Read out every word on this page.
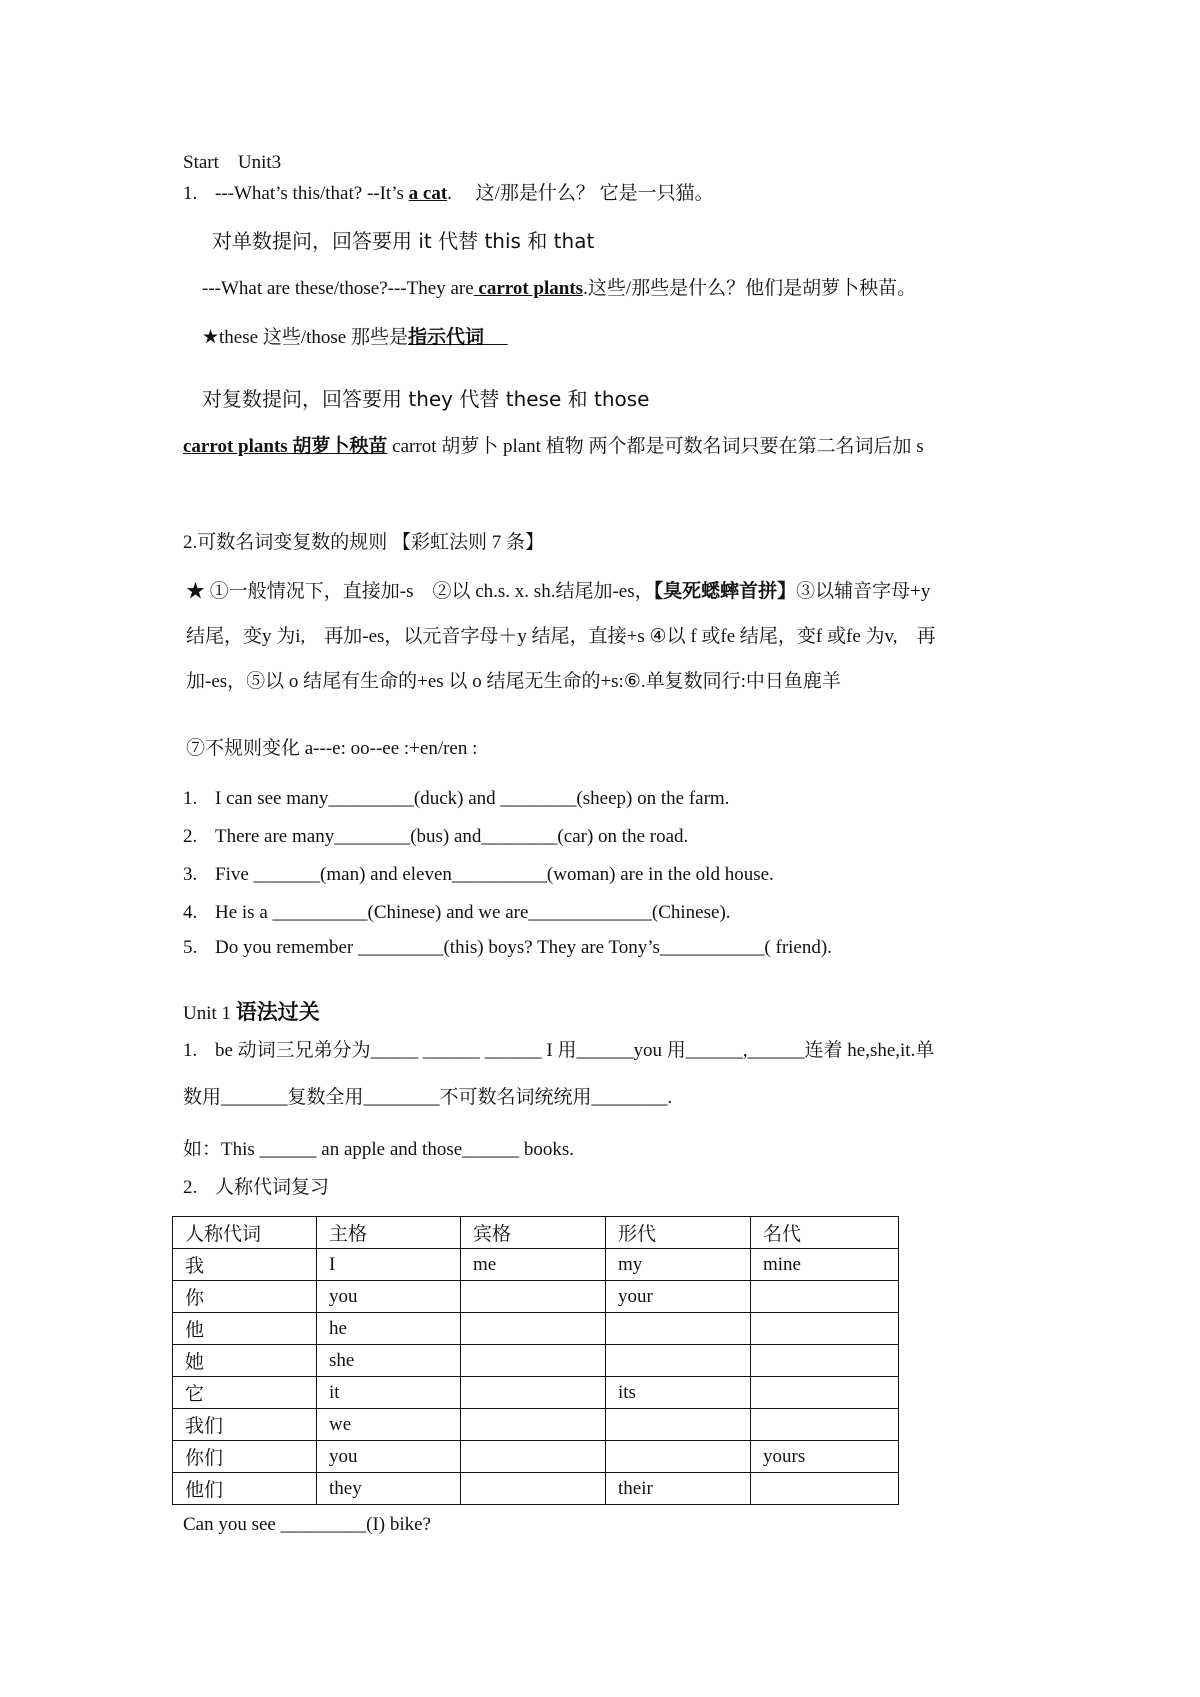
Start　Unit3
1. ---What’s this/that? --It’s a cat.　 这/那是什么？ 它是一只猫。
对单数提问，回答要用 it 代替 this 和 that
---What are these/those?---They are carrot plants.这些/那些是什么？他们是胡萝卜秧苗。
★these 这些/those 那些是指示代词
对复数提问，回答要用 they 代替 these 和 those
carrot plants 胡萝卜秧苗 carrot 胡萝卜 plant 植物 两个都是可数名词只要在第二名词后加 s
2.可数名词变复数的规则 【彩虹法则 7 条】
★ ①一般情况下，直接加-s　②以 ch.s. x. sh.结尾加-es，【臭死蟋蟀首拼】③以辅音字母+y
结尾，变y 为i,　再加-es，以元音字母＋y 结尾，直接+s ④以 f 或fe 结尾，变f 或fe 为v,　再
加-es，⑤以 o 结尾有生命的+es 以 o 结尾无生命的+s:⑥.单复数同行:中日鱼鹿羊
⑦不规则变化 a---e: oo--ee :+en/ren :
1. I can see many_________(duck) and ________(sheep) on the farm.
2. There are many________(bus) and________(car) on the road.
3. Five _______(man) and eleven__________(woman) are in the old house.
4. He is a __________(Chinese) and we are_____________(Chinese).
5. Do you remember _________(this) boys? They are Tony’s___________( friend).
Unit 1 语法过关
1. be 动词三兄弟分为_____ ______ ______ I 用______you 用______,______连着 he,she,it.单
数用_______复数全用________不可数名词统统用________.
如：This ______ an apple and those______ books.
2. 人称代词复习
人称代词	主格	宾格	形代	名代
我	I	me	my	mine
你	you		your	
他	he			
她	she			
它	it		its	
我们	we			
你们	you			yours
他们	they		their	
Can you see _________(I) bike?
